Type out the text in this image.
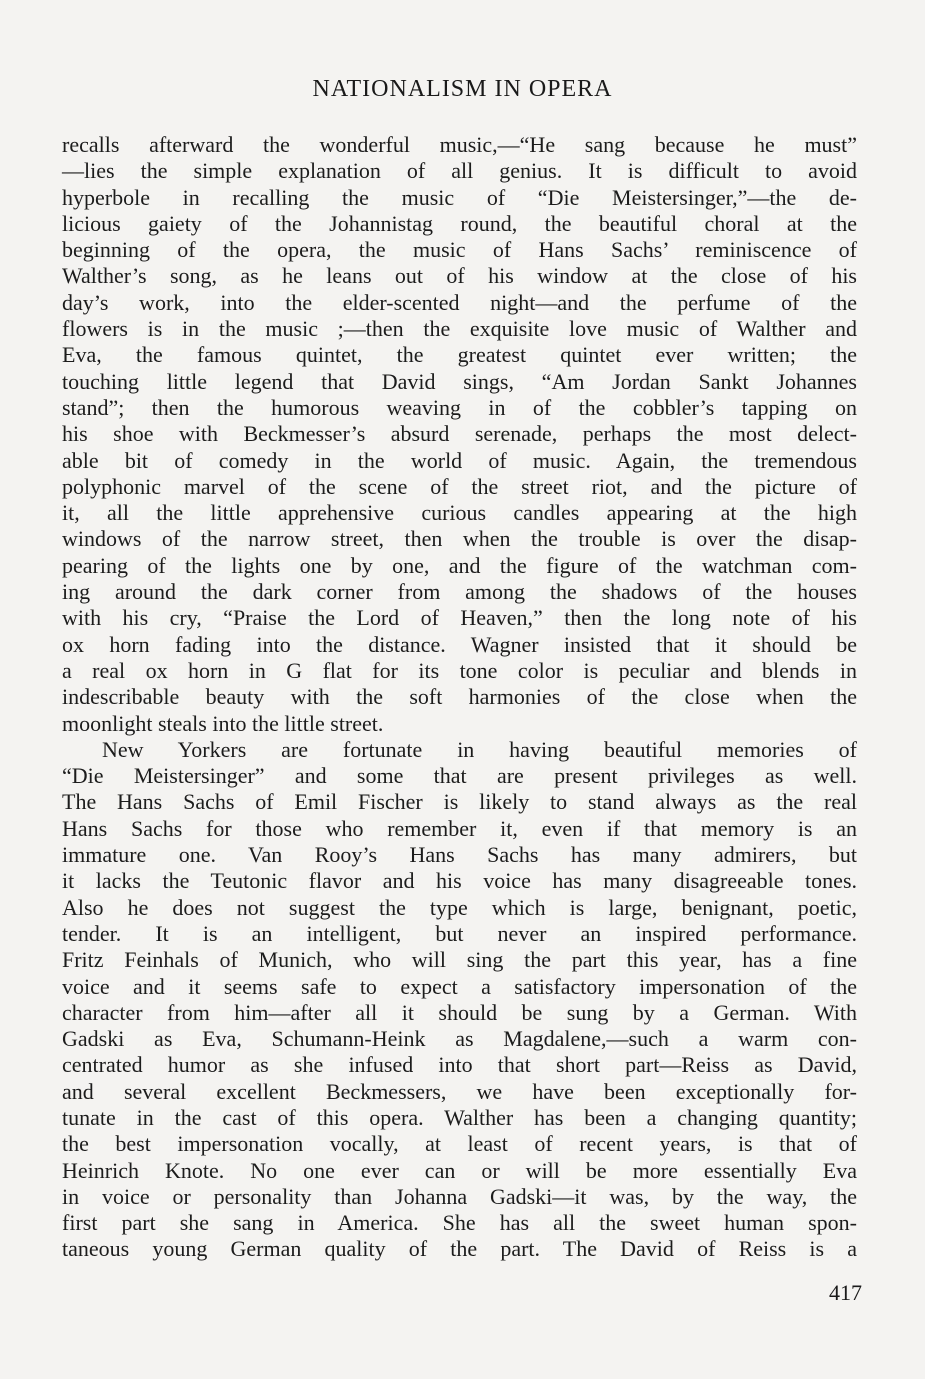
NATIONALISM IN OPERA
recalls afterward the wonderful music,—“He sang because he must”
—lies the simple explanation of all genius. It is difficult to avoid
hyperbole in recalling the music of “Die Meistersinger,”—the de-
licious gaiety of the Johannistag round, the beautiful choral at the
beginning of the opera, the music of Hans Sachs’ reminiscence of
Walther’s song, as he leans out of his window at the close of his
day’s work, into the elder-scented night—and the perfume of the
flowers is in the music ;—then the exquisite love music of Walther and
Eva, the famous quintet, the greatest quintet ever written; the
touching little legend that David sings, “Am Jordan Sankt Johannes
stand”; then the humorous weaving in of the cobbler’s tapping on
his shoe with Beckmesser’s absurd serenade, perhaps the most delect-
able bit of comedy in the world of music. Again, the tremendous
polyphonic marvel of the scene of the street riot, and the picture of
it, all the little apprehensive curious candles appearing at the high
windows of the narrow street, then when the trouble is over the disap-
pearing of the lights one by one, and the figure of the watchman com-
ing around the dark corner from among the shadows of the houses
with his cry, “Praise the Lord of Heaven,” then the long note of his
ox horn fading into the distance. Wagner insisted that it should be
a real ox horn in G flat for its tone color is peculiar and blends in
indescribable beauty with the soft harmonies of the close when the
moonlight steals into the little street.
New Yorkers are fortunate in having beautiful memories of
“Die Meistersinger” and some that are present privileges as well.
The Hans Sachs of Emil Fischer is likely to stand always as the real
Hans Sachs for those who remember it, even if that memory is an
immature one. Van Rooy’s Hans Sachs has many admirers, but
it lacks the Teutonic flavor and his voice has many disagreeable tones.
Also he does not suggest the type which is large, benignant, poetic,
tender. It is an intelligent, but never an inspired performance.
Fritz Feinhals of Munich, who will sing the part this year, has a fine
voice and it seems safe to expect a satisfactory impersonation of the
character from him—after all it should be sung by a German. With
Gadski as Eva, Schumann-Heink as Magdalene,—such a warm con-
centrated humor as she infused into that short part—Reiss as David,
and several excellent Beckmessers, we have been exceptionally for-
tunate in the cast of this opera. Walther has been a changing quantity;
the best impersonation vocally, at least of recent years, is that of
Heinrich Knote. No one ever can or will be more essentially Eva
in voice or personality than Johanna Gadski—it was, by the way, the
first part she sang in America. She has all the sweet human spon-
taneous young German quality of the part. The David of Reiss is a
417
